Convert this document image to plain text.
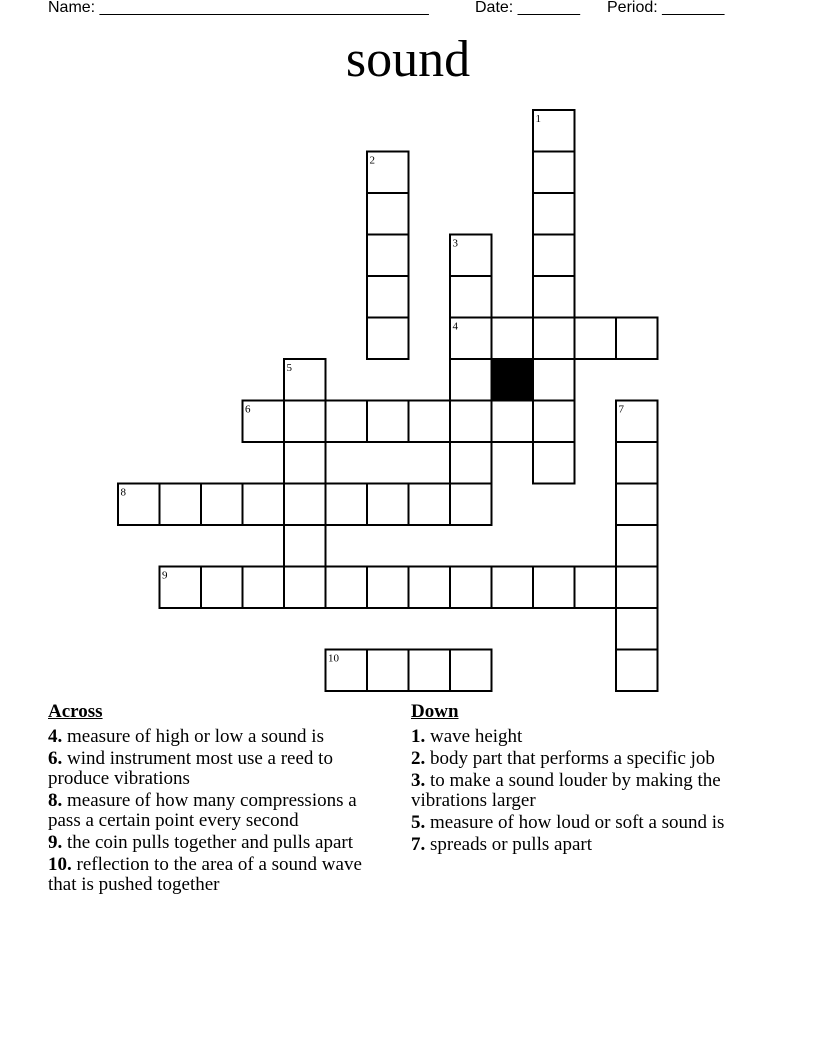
Name: _____________________________________	Date: _______ Period: _______
sound
1
2
3
4
5
6	7
8
9
10
Across
4. measure of high or low a sound is
6. wind instrument most use a reed to produce vibrations
8. measure of how many compressions a pass a certain point every second
9. the coin pulls together and pulls apart
10. reflection to the area of a sound wave that is pushed together
Down
1. wave height
2. body part that performs a specific job
3. to make a sound louder by making the vibrations larger
5. measure of how loud or soft a sound is
7. spreads or pulls apart
